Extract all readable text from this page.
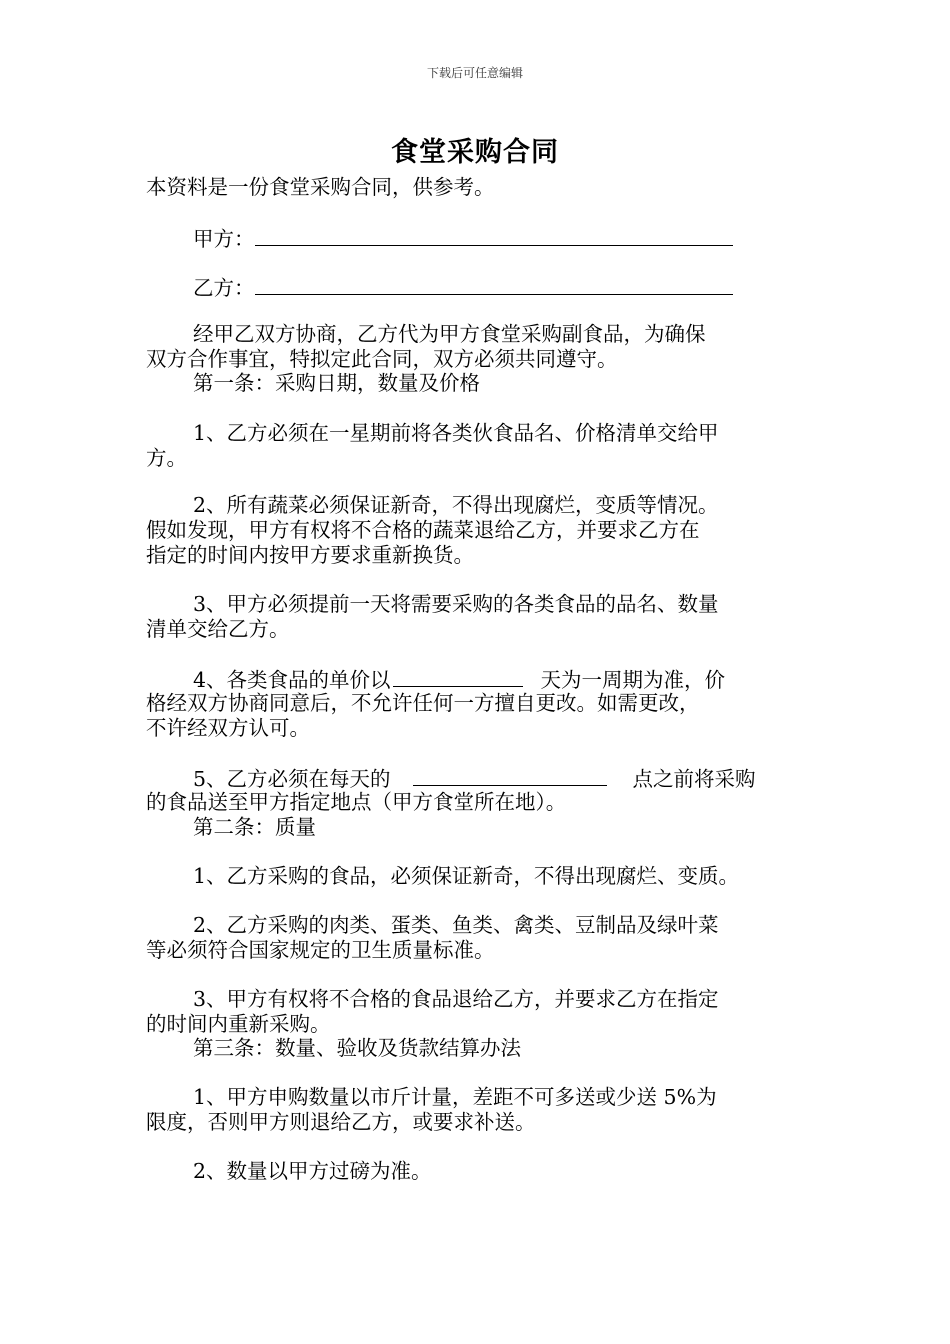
下载后可任意编辑
食堂采购合同
本资料是一份食堂采购合同，供参考。
甲方：
乙方：
经甲乙双方协商，乙方代为甲方食堂采购副食品，为确保
双方合作事宜，特拟定此合同，双方必须共同遵守。
第一条：采购日期，数量及价格
1、乙方必须在一星期前将各类伙食品名、价格清单交给甲
方。
2、所有蔬菜必须保证新奇，不得出现腐烂，变质等情况。
假如发现，甲方有权将不合格的蔬菜退给乙方，并要求乙方在
指定的时间内按甲方要求重新换货。
3、甲方必须提前一天将需要采购的各类食品的品名、数量
清单交给乙方。
4、各类食品的单价以	天为一周期为准，价
格经双方协商同意后，不允许任何一方擅自更改。如需更改，
不许经双方认可。
5、乙方必须在每天的	点之前将采购
的食品送至甲方指定地点（甲方食堂所在地）。
第二条：质量
1、乙方采购的食品，必须保证新奇，不得出现腐烂、变质。
2、乙方采购的肉类、蛋类、鱼类、禽类、豆制品及绿叶菜
等必须符合国家规定的卫生质量标准。
3、甲方有权将不合格的食品退给乙方，并要求乙方在指定
的时间内重新采购。
第三条：数量、验收及货款结算办法
1、甲方申购数量以市斤计量，差距不可多送或少送 5%为
限度，否则甲方则退给乙方，或要求补送。
2、数量以甲方过磅为准。
